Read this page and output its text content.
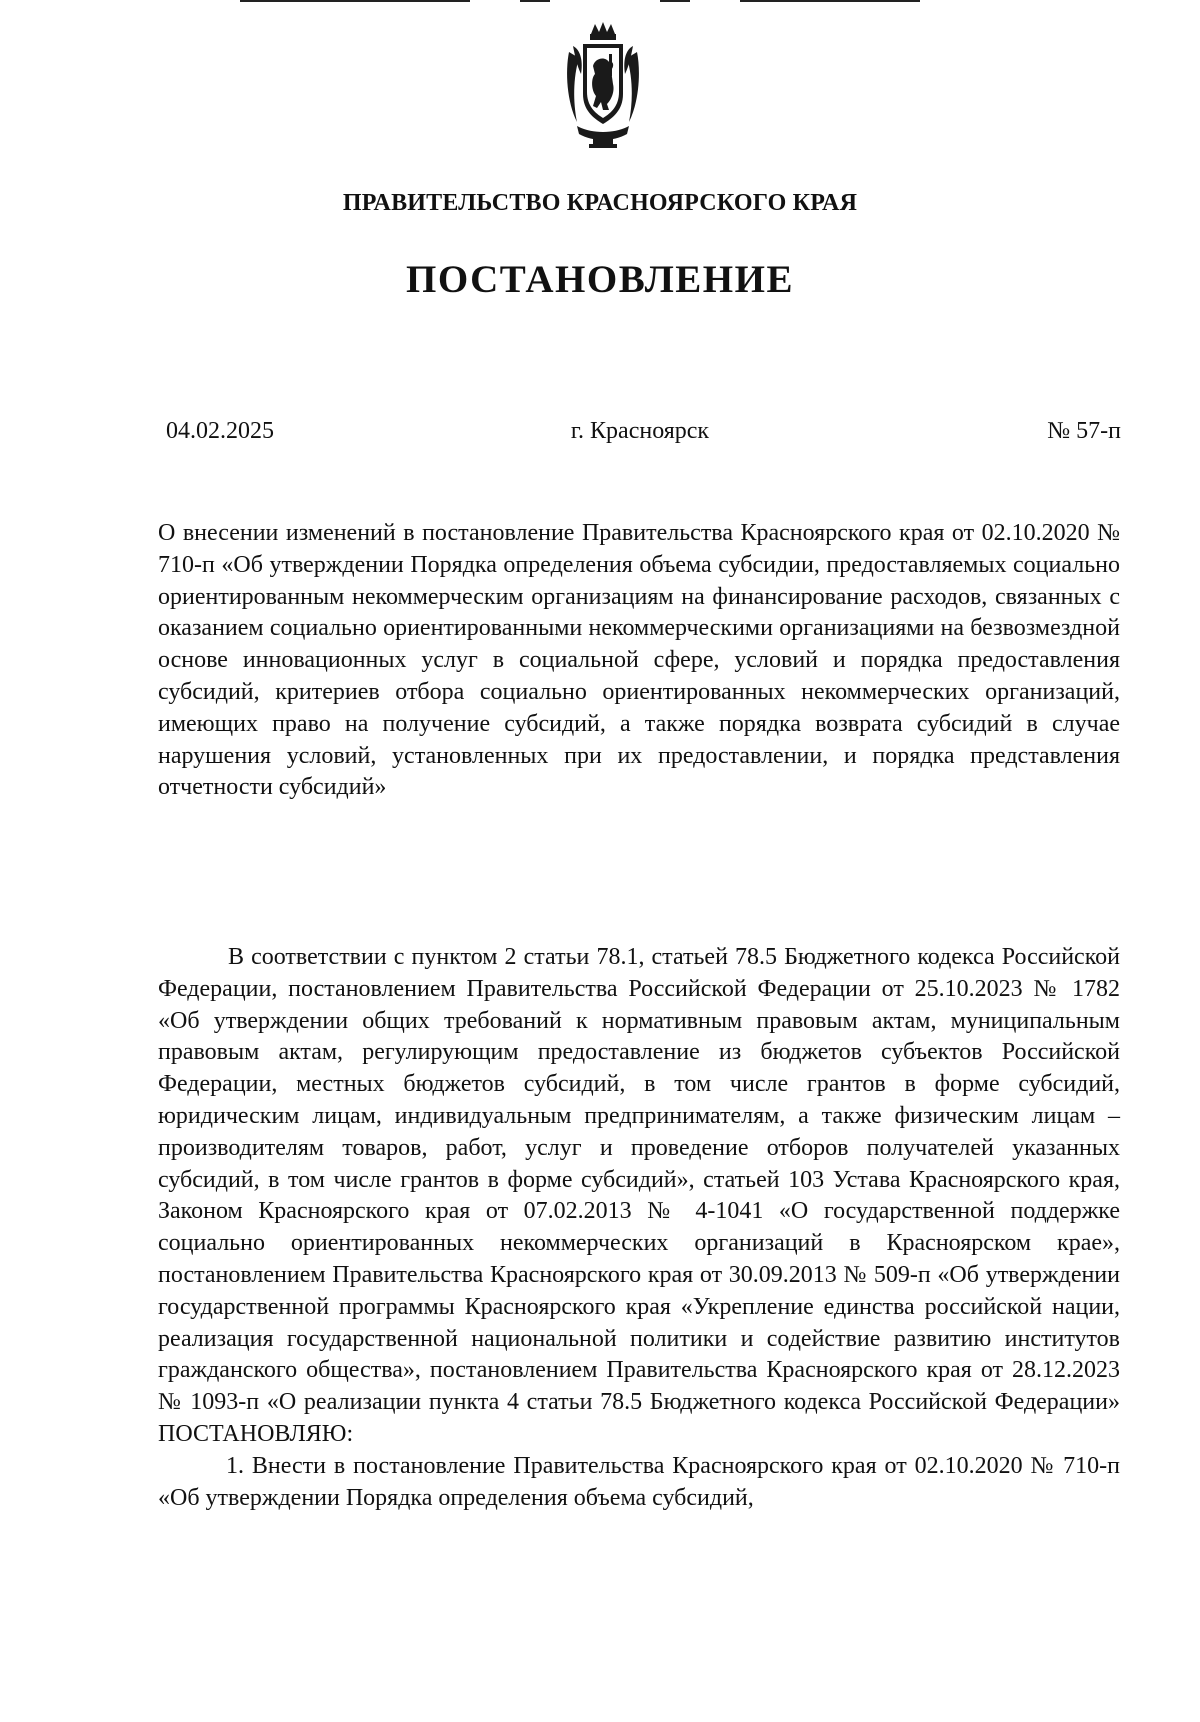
ПРАВИТЕЛЬСТВО КРАСНОЯРСКОГО КРАЯ
ПОСТАНОВЛЕНИЕ
г. Красноярск
04.02.2025	№ 57-п
О внесении изменений в постановление Правительства Красноярского края от 02.10.2020 № 710-п «Об утверждении Порядка определения объема субсидии, предоставляемых социально ориентированным некоммерческим организациям на финансирование расходов, связанных с оказанием социально ориентированными некоммерческими организациями на безвозмездной основе инновационных услуг в социальной сфере, условий и порядка предоставления субсидий, критериев отбора социально ориентированных некоммерческих организаций, имеющих право на получение субсидий, а также порядка возврата субсидий в случае нарушения условий, установленных при их предоставлении, и порядка представления отчетности субсидий»

В соответствии с пунктом 2 статьи 78.1, статьей 78.5 Бюджетного кодекса Российской Федерации, постановлением Правительства Российской Федерации от 25.10.2023 № 1782 «Об утверждении общих требований к нормативным правовым актам, муниципальным правовым актам, регулирующим предоставление из бюджетов субъектов Российской Федерации, местных бюджетов субсидий, в том числе грантов в форме субсидий, юридическим лицам, индивидуальным предпринимателям, а также физическим лицам – производителям товаров, работ, услуг и проведение отборов получателей указанных субсидий, в том числе грантов в форме субсидий», статьей 103 Устава Красноярского края, Законом Красноярского края от 07.02.2013 № 4-1041 «О государственной поддержке социально ориентированных некоммерческих организаций в Красноярском крае», постановлением Правительства Красноярского края от 30.09.2013 № 509-п «Об утверждении государственной программы Красноярского края «Укрепление единства российской нации, реализация государственной национальной политики и содействие развитию институтов гражданского общества», постановлением Правительства Красноярского края от 28.12.2023 № 1093-п «О реализации пункта 4 статьи 78.5 Бюджетного кодекса Российской Федерации» ПОСТАНОВЛЯЮ:

1. Внести в постановление Правительства Красноярского края от 02.10.2020 № 710-п «Об утверждении Порядка определения объема субсидий,
